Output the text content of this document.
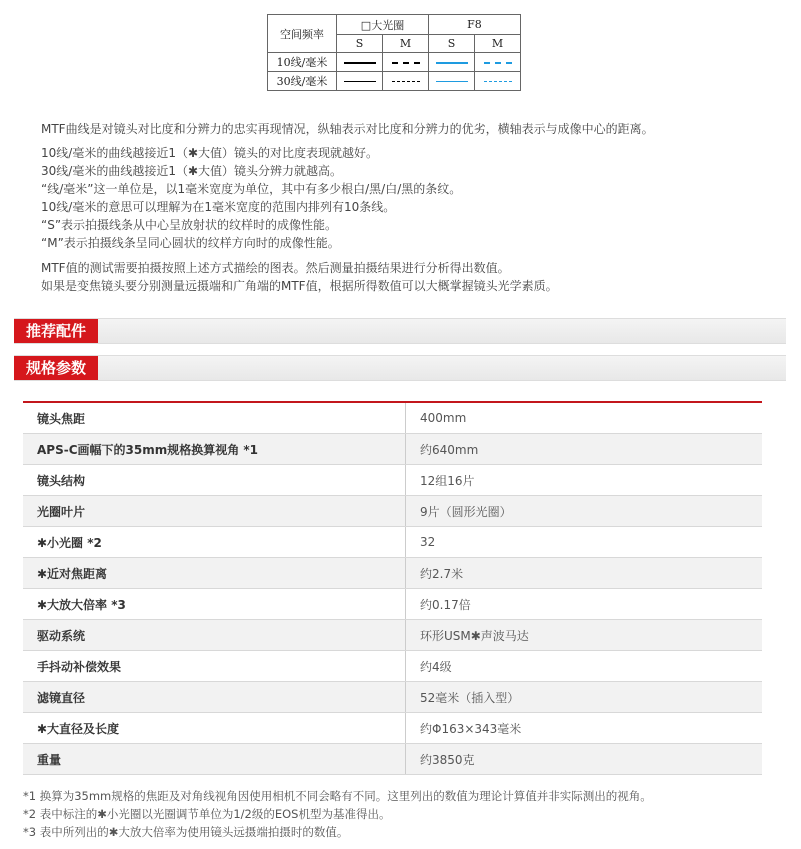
空间频率	□大光圈		F8	
	S	M	S	M
10线/毫米				
30线/毫米				

MTF曲线是对镜头对比度和分辨力的忠实再现情况，纵轴表示对比度和分辨力的优劣，横轴表示与成像中心的距离。

10线/毫米的曲线越接近1（✱大值）镜头的对比度表现就越好。

30线/毫米的曲线越接近1（✱大值）镜头分辨力就越高。

“线/毫米”这一单位是，以1毫米宽度为单位，其中有多少根白/黑/白/黑的条纹。

10线/毫米的意思可以理解为在1毫米宽度的范围内排列有10条线。

“S”表示拍摄线条从中心呈放射状的纹样时的成像性能。

“M”表示拍摄线条呈同心圆状的纹样方向时的成像性能。

MTF值的测试需要拍摄按照上述方式描绘的图表。然后测量拍摄结果进行分析得出数值。

如果是变焦镜头要分别测量远摄端和广角端的MTF值，根据所得数值可以大概掌握镜头光学素质。

推荐配件
规格参数
镜头焦距	400mm
APS-C画幅下的35mm规格换算视角 *1	约640mm
镜头结构	12组16片
光圈叶片	9片（圆形光圈）
✱小光圈 *2	32
✱近对焦距离	约2.7米
✱大放大倍率 *3	约0.17倍
驱动系统	环形USM✱声波马达
手抖动补偿效果	约4级
滤镜直径	52毫米（插入型）
✱大直径及长度	约Φ163×343毫米
重量	约3850克

*1 换算为35mm规格的焦距及对角线视角因使用相机不同会略有不同。这里列出的数值为理论计算值并非实际测出的视角。

*2 表中标注的✱小光圈以光圈调节单位为1/2级的EOS机型为基准得出。

*3 表中所列出的✱大放大倍率为使用镜头远摄端拍摄时的数值。
